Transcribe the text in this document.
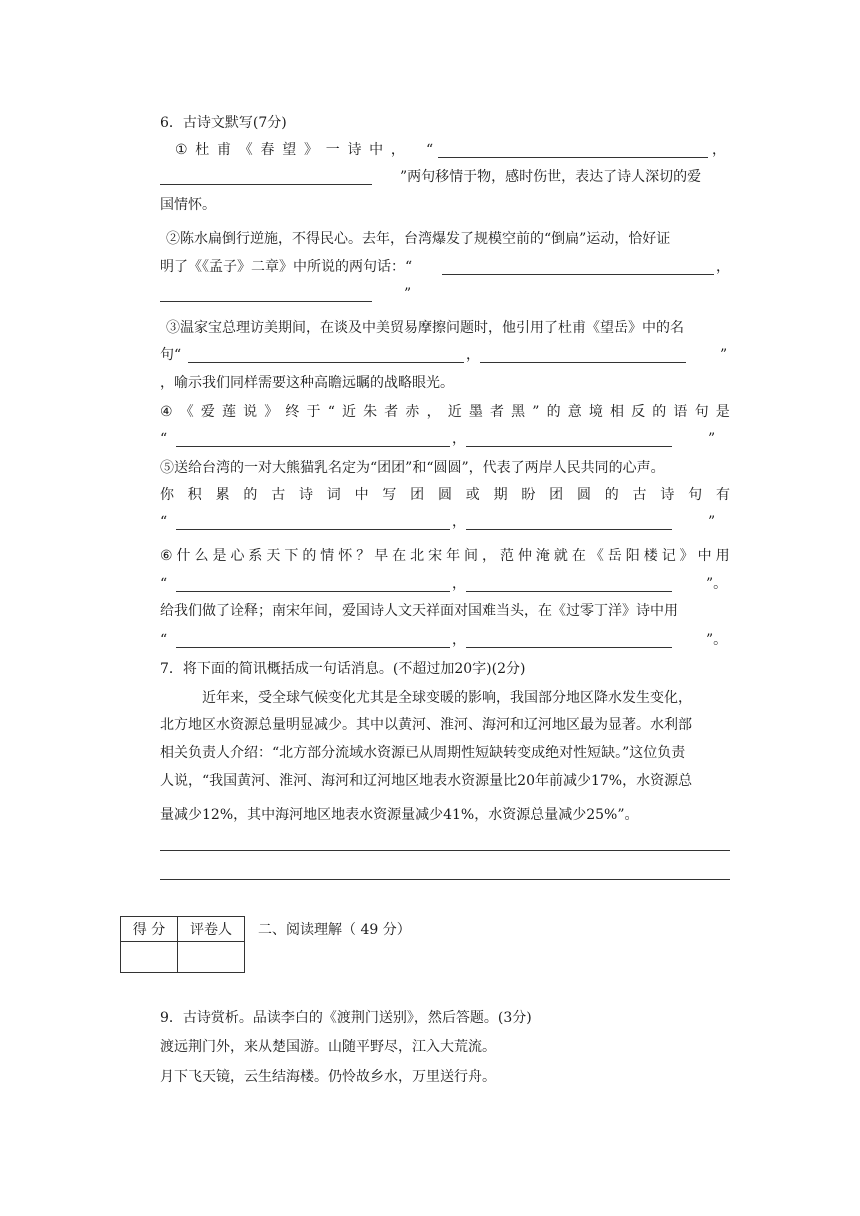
6．古诗文默写(7分)
① 杜 甫 《 春 望 》 一 诗 中 ， “	，
”两句移情于物，感时伤世，表达了诗人深切的爱
国情怀。
②陈水扁倒行逆施，不得民心。去年，台湾爆发了规模空前的“倒扁”运动，恰好证
明了《《孟子》二章》中所说的两句话：“	，
”
③温家宝总理访美期间，在谈及中美贸易摩擦问题时，他引用了杜甫《望岳》中的名
句“	，	”
，喻示我们同样需要这种高瞻远瞩的战略眼光。
④ 《 爱 莲 说 》 终 于 “ 近 朱 者 赤 ， 近 墨 者 黑 ” 的 意 境 相 反 的 语 句 是
“	，	”
⑤送给台湾的一对大熊猫乳名定为“团团”和“圆圆”，代表了两岸人民共同的心声。
你 积 累 的 古 诗 词 中 写 团 圆 或 期 盼 团 圆 的 古 诗 句 有
“	，	”
⑥ 什 么 是 心 系 天 下 的 情 怀 ？ 早 在 北 宋 年 间 ， 范 仲 淹 就 在 《 岳 阳 楼 记 》 中 用
“	，	”。
给我们做了诠释；南宋年间，爱国诗人文天祥面对国难当头，在《过零丁洋》诗中用
“	，	”。
7．将下面的简讯概括成一句话消息。(不超过加20字)(2分)
近年来，受全球气候变化尤其是全球变暖的影响，我国部分地区降水发生变化，
北方地区水资源总量明显减少。其中以黄河、淮河、海河和辽河地区最为显著。水利部
相关负责人介绍：“北方部分流域水资源已从周期性短缺转变成绝对性短缺。”这位负责
人说，“我国黄河、淮河、海河和辽河地区地表水资源量比20年前减少17%，水资源总
量减少12%，其中海河地区地表水资源量减少41%，水资源总量减少25%”。
得 分	评卷人
	二、阅读理解（ 49 分）
9．古诗赏析。品读李白的《渡荆门送别》，然后答题。(3分)
渡远荆门外，来从楚国游。山随平野尽，江入大荒流。
月下飞天镜，云生结海楼。仍怜故乡水，万里送行舟。
